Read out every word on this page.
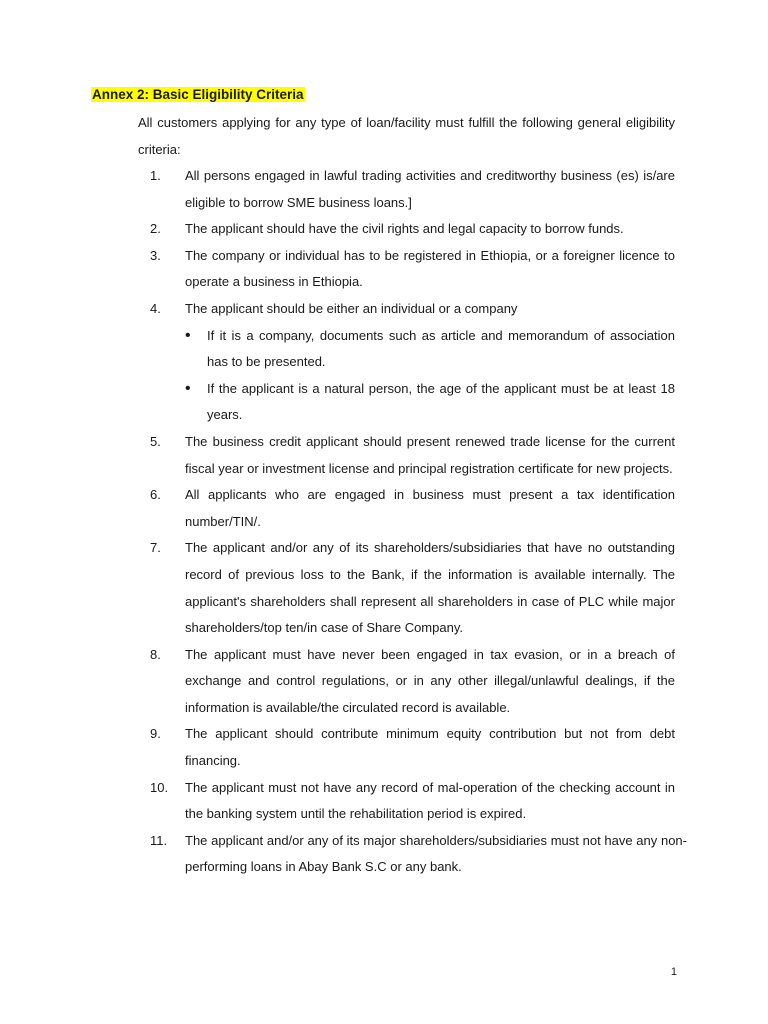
Annex 2: Basic Eligibility Criteria
All customers applying for any type of loan/facility must fulfill the following general eligibility criteria:
1.	All persons engaged in lawful trading activities and creditworthy business (es) is/are eligible to borrow SME business loans.]
2.	The applicant should have the civil rights and legal capacity to borrow funds.
3.	The company or individual has to be registered in Ethiopia, or a foreigner licence to operate a business in Ethiopia.
4.	The applicant should be either an individual or a company
•	If it is a company, documents such as article and memorandum of association has to be presented.
•	If the applicant is a natural person, the age of the applicant must be at least 18 years.
5.	The business credit applicant should present renewed trade license for the current fiscal year or investment license and principal registration certificate for new projects.
6.	All applicants who are engaged in business must present a tax identification number/TIN/.
7.	The applicant and/or any of its shareholders/subsidiaries that have no outstanding record of previous loss to the Bank, if the information is available internally. The applicant's shareholders shall represent all shareholders in case of PLC while major shareholders/top ten/in case of Share Company.
8.	The applicant must have never been engaged in tax evasion, or in a breach of exchange and control regulations, or in any other illegal/unlawful dealings, if the information is available/the circulated record is available.
9.	The applicant should contribute minimum equity contribution but not from debt financing.
10.	The applicant must not have any record of mal-operation of the checking account in the banking system until the rehabilitation period is expired.
11.	The applicant and/or any of its major shareholders/subsidiaries must not have any non-performing loans in Abay Bank S.C or any bank.
1
